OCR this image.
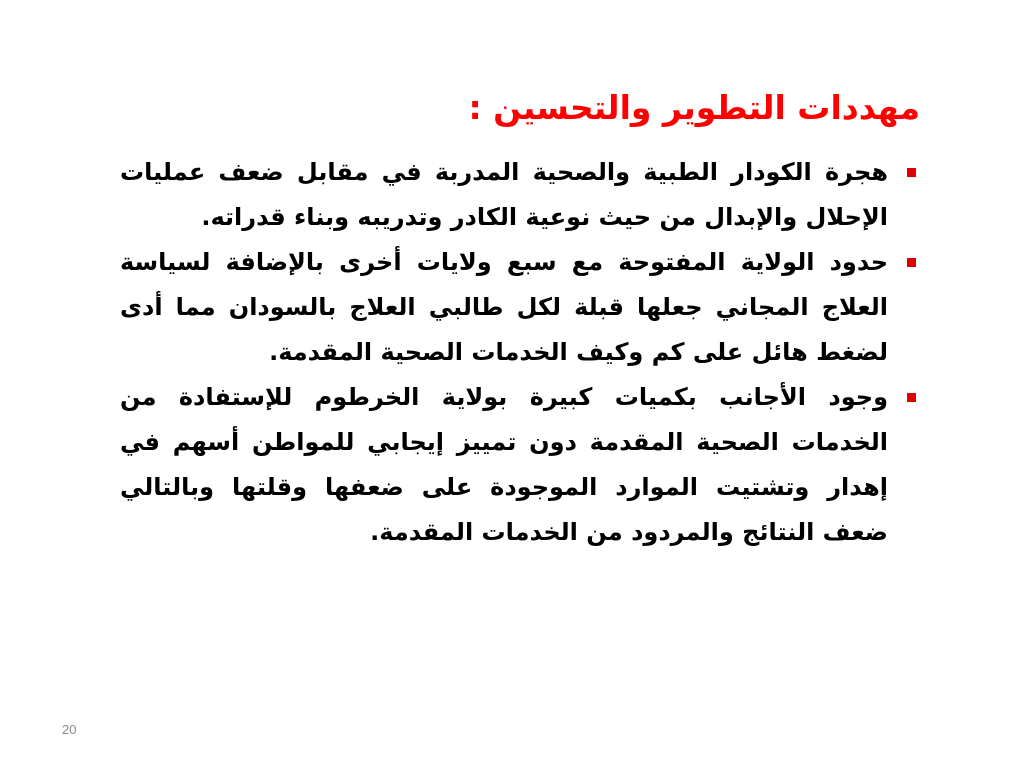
مهددات التطوير والتحسين :
هجرة الكودار الطبية والصحية المدربة في مقابل ضعف عمليات الإحلال والإبدال من حيث نوعية الكادر وتدريبه وبناء قدراته.
حدود الولاية المفتوحة مع سبع ولايات أخرى بالإضافة لسياسة العلاج المجاني جعلها قبلة لكل طالبي العلاج بالسودان مما أدى لضغط هائل على كم وكيف الخدمات الصحية المقدمة.
وجود الأجانب بكميات كبيرة بولاية الخرطوم للإستفادة من الخدمات الصحية المقدمة دون تمييز إيجابي للمواطن أسهم في إهدار وتشتيت الموارد الموجودة على ضعفها وقلتها وبالتالي ضعف النتائج والمردود من الخدمات المقدمة.
20
